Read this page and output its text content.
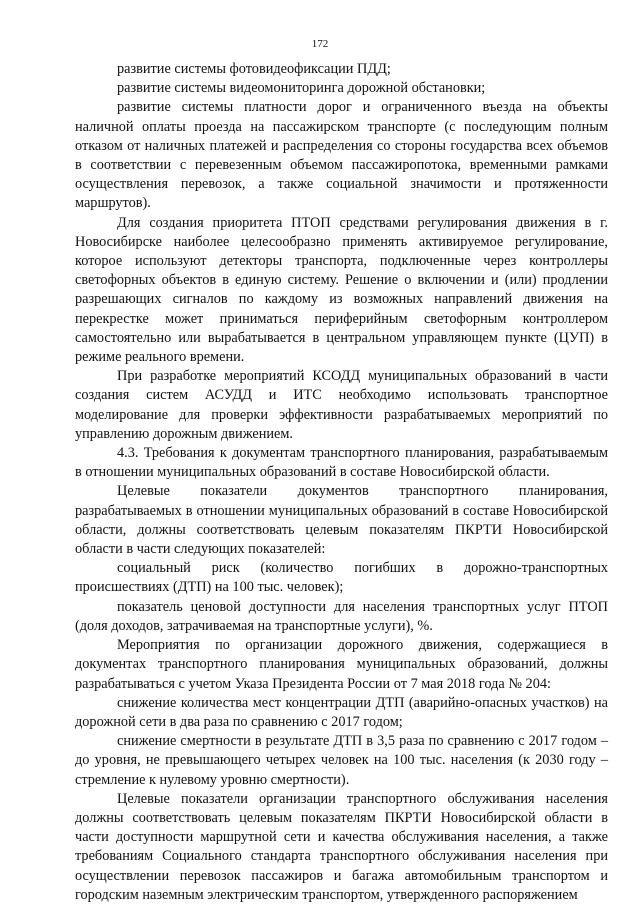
172

развитие системы фотовидеофиксации ПДД;

развитие системы видеомониторинга дорожной обстановки;

развитие системы платности дорог и ограниченного въезда на объекты наличной оплаты проезда на пассажирском транспорте (с последующим полным отказом от наличных платежей и распределения со стороны государства всех объемов в соответствии с перевезенным объемом пассажиропотока, временными рамками осуществления перевозок, а также социальной значимости и протяженности маршрутов).

Для создания приоритета ПТОП средствами регулирования движения в г. Новосибирске наиболее целесообразно применять активируемое регулирование, которое используют детекторы транспорта, подключенные через контроллеры светофорных объектов в единую систему. Решение о включении и (или) продлении разрешающих сигналов по каждому из возможных направлений движения на перекрестке может приниматься периферийным светофорным контроллером самостоятельно или вырабатывается в центральном управляющем пункте (ЦУП) в режиме реального времени.

При разработке мероприятий КСОДД муниципальных образований в части создания систем АСУДД и ИТС необходимо использовать транспортное моделирование для проверки эффективности разрабатываемых мероприятий по управлению дорожным движением.

4.3. Требования к документам транспортного планирования, разрабатываемым в отношении муниципальных образований в составе Новосибирской области.

Целевые показатели документов транспортного планирования, разрабатываемых в отношении муниципальных образований в составе Новосибирской области, должны соответствовать целевым показателям ПКРТИ Новосибирской области в части следующих показателей:

социальный риск (количество погибших в дорожно-транспортных происшествиях (ДТП) на 100 тыс. человек);

показатель ценовой доступности для населения транспортных услуг ПТОП (доля доходов, затрачиваемая на транспортные услуги), %.

Мероприятия по организации дорожного движения, содержащиеся в документах транспортного планирования муниципальных образований, должны разрабатываться с учетом Указа Президента России от 7 мая 2018 года № 204:

снижение количества мест концентрации ДТП (аварийно-опасных участков) на дорожной сети в два раза по сравнению с 2017 годом;

снижение смертности в результате ДТП в 3,5 раза по сравнению с 2017 годом – до уровня, не превышающего четырех человек на 100 тыс. населения (к 2030 году – стремление к нулевому уровню смертности).

Целевые показатели организации транспортного обслуживания населения должны соответствовать целевым показателям ПКРТИ Новосибирской области в части доступности маршрутной сети и качества обслуживания населения, а также требованиям Социального стандарта транспортного обслуживания населения при осуществлении перевозок пассажиров и багажа автомобильным транспортом и городским наземным электрическим транспортом, утвержденного распоряжением
